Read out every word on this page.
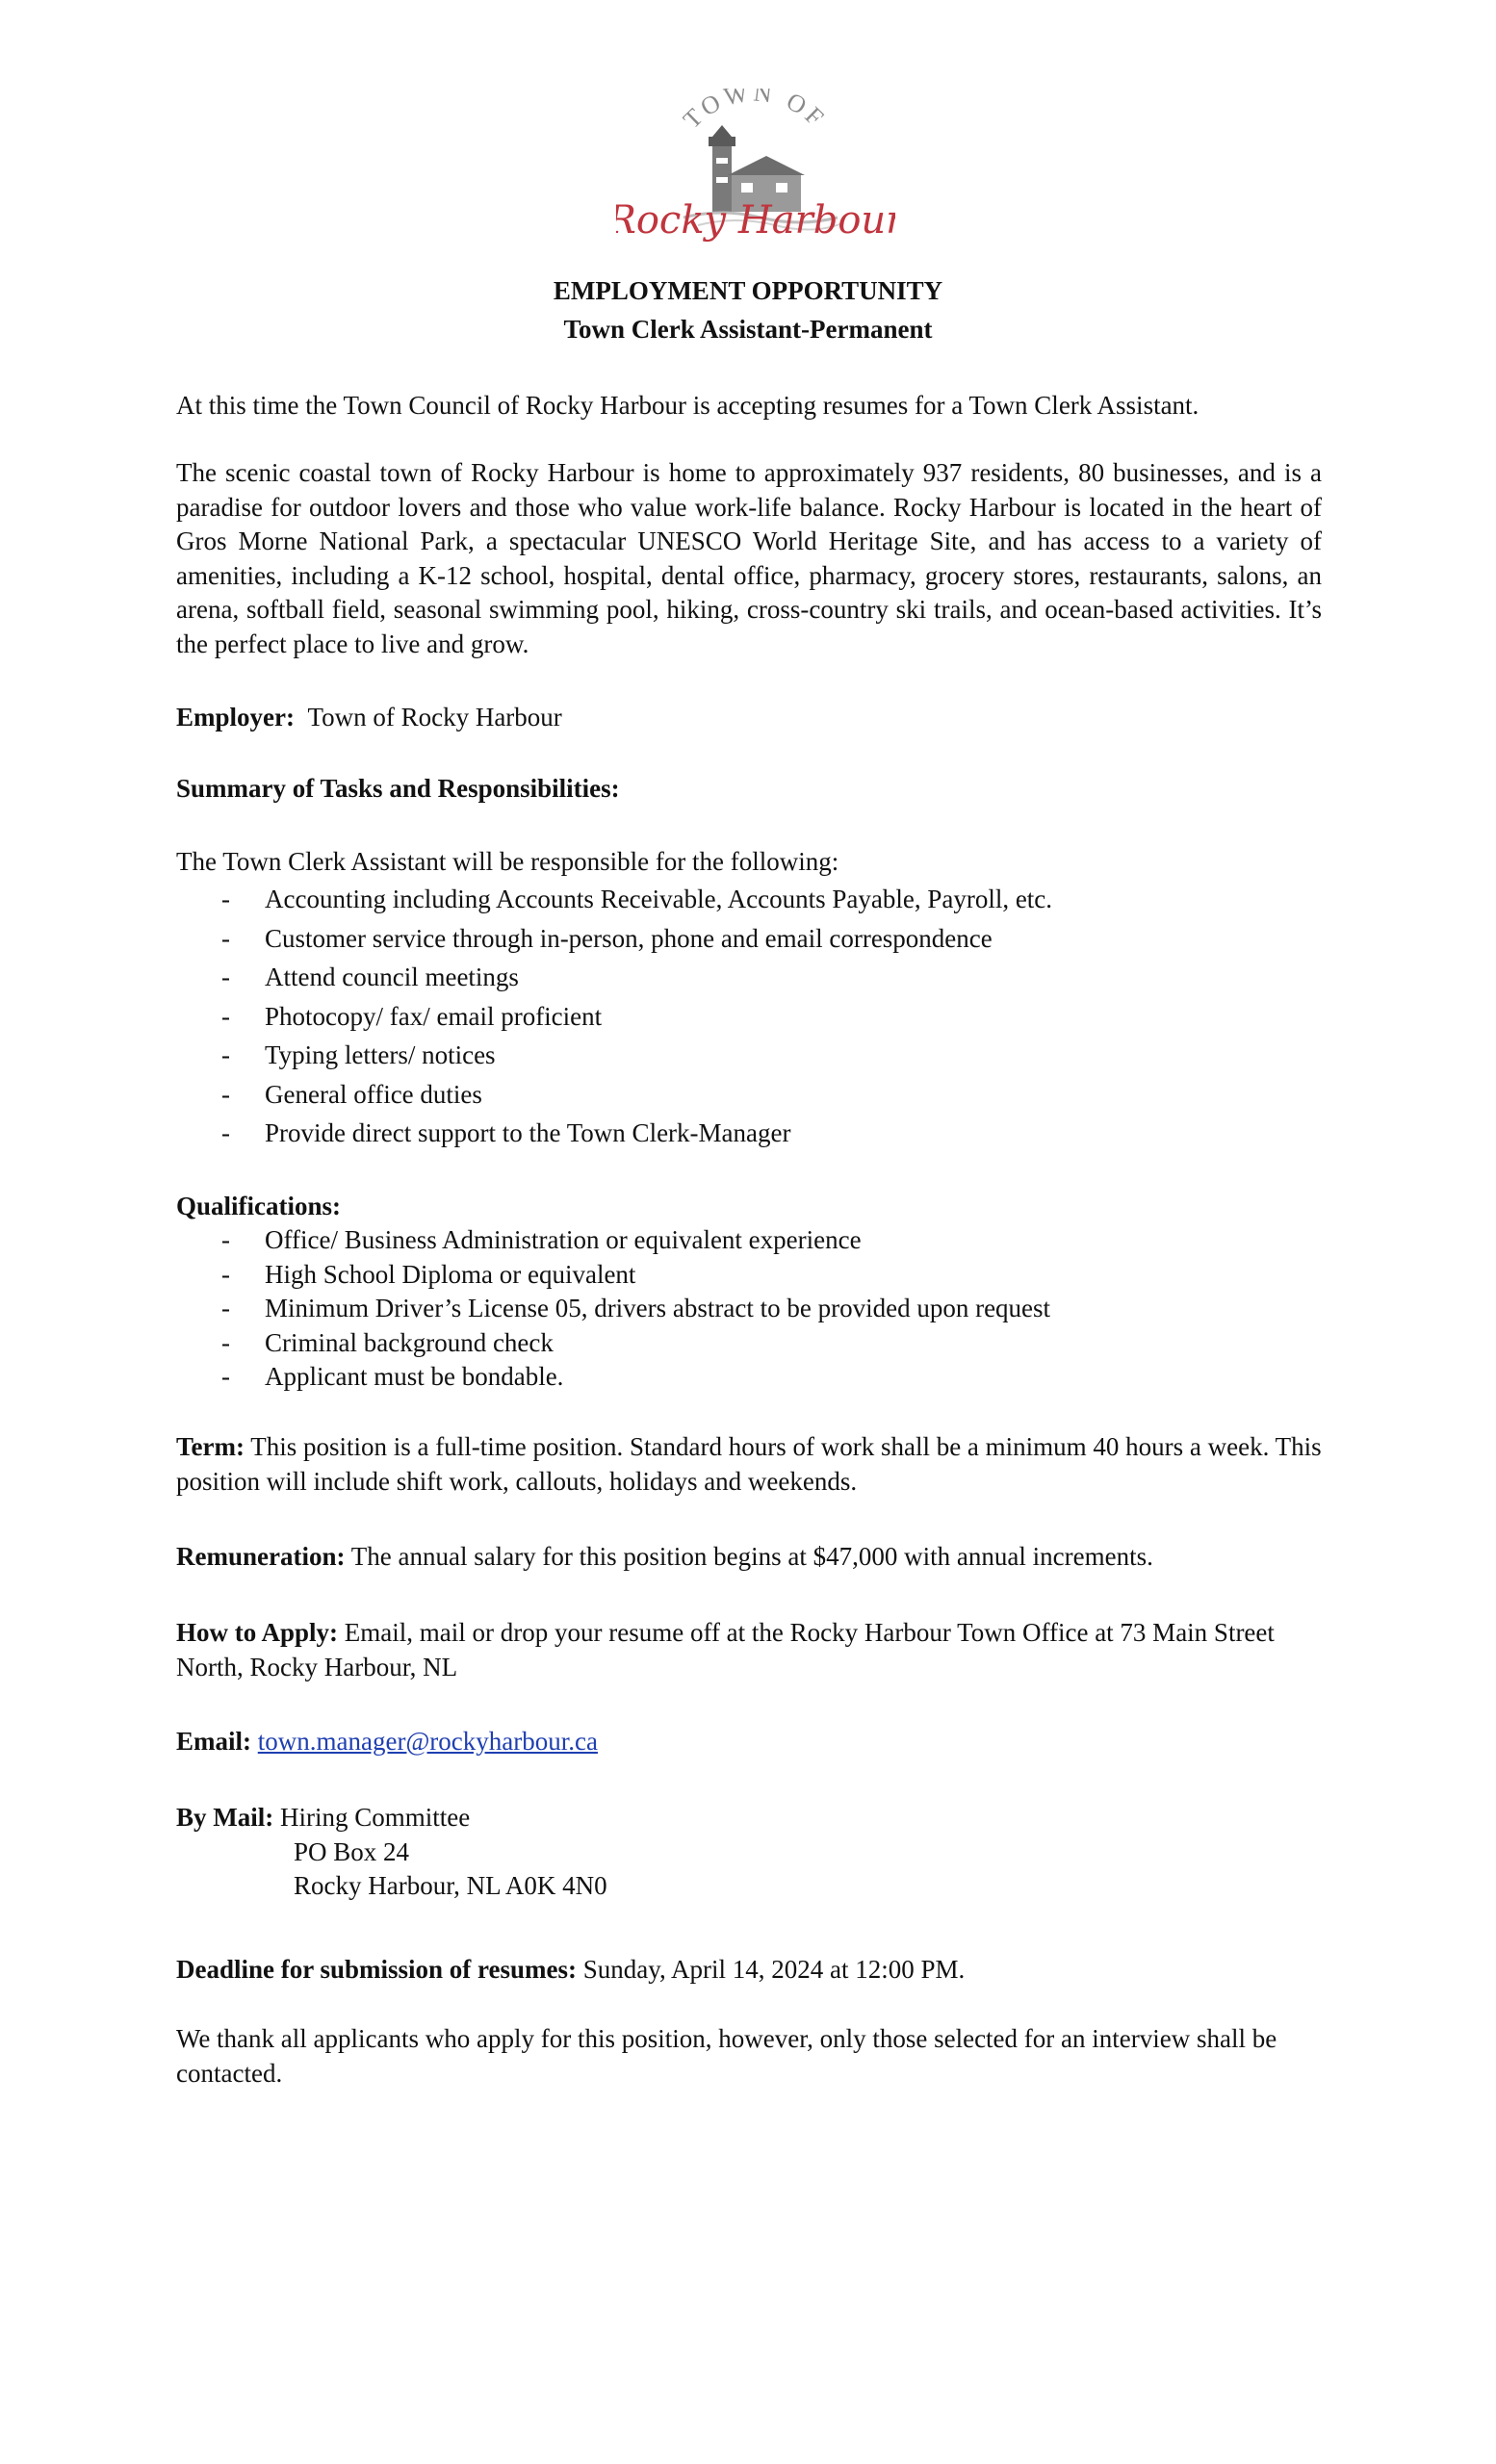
TOWN OF
Rocky Harbour
EMPLOYMENT OPPORTUNITY
Town Clerk Assistant-Permanent
At this time the Town Council of Rocky Harbour is accepting resumes for a Town Clerk Assistant.
The scenic coastal town of Rocky Harbour is home to approximately 937 residents, 80 businesses, and is a paradise for outdoor lovers and those who value work-life balance. Rocky Harbour is located in the heart of Gros Morne National Park, a spectacular UNESCO World Heritage Site, and has access to a variety of amenities, including a K-12 school, hospital, dental office, pharmacy, grocery stores, restaurants, salons, an arena, softball field, seasonal swimming pool, hiking, cross-country ski trails, and ocean-based activities. It’s the perfect place to live and grow.
Employer: Town of Rocky Harbour
Summary of Tasks and Responsibilities:
The Town Clerk Assistant will be responsible for the following:
- Accounting including Accounts Receivable, Accounts Payable, Payroll, etc.
- Customer service through in-person, phone and email correspondence
- Attend council meetings
- Photocopy/ fax/ email proficient
- Typing letters/ notices
- General office duties
- Provide direct support to the Town Clerk-Manager
Qualifications:
- Office/ Business Administration or equivalent experience
- High School Diploma or equivalent
- Minimum Driver’s License 05, drivers abstract to be provided upon request
- Criminal background check
- Applicant must be bondable.
Term: This position is a full-time position. Standard hours of work shall be a minimum 40 hours a week. This position will include shift work, callouts, holidays and weekends.
Remuneration: The annual salary for this position begins at $47,000 with annual increments.
How to Apply: Email, mail or drop your resume off at the Rocky Harbour Town Office at 73 Main Street North, Rocky Harbour, NL
Email: town.manager@rockyharbour.ca
By Mail: Hiring Committee
PO Box 24
Rocky Harbour, NL A0K 4N0
Deadline for submission of resumes: Sunday, April 14, 2024 at 12:00 PM.
We thank all applicants who apply for this position, however, only those selected for an interview shall be contacted.
